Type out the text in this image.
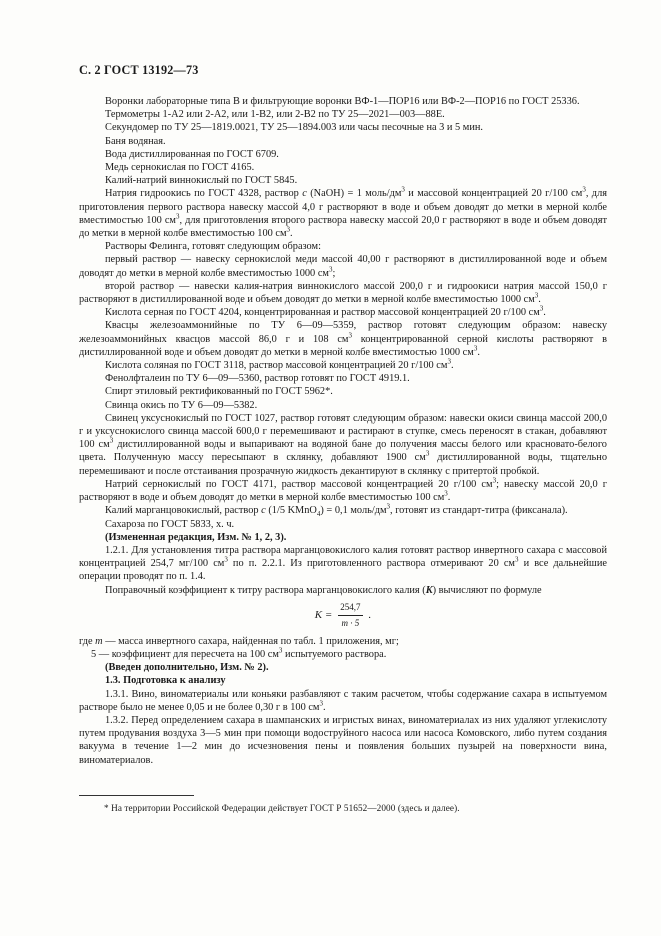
С. 2 ГОСТ 13192—73

Воронки лабораторные типа В и фильтрующие воронки ВФ-1—ПОР16 или ВФ-2—ПОР16 по ГОСТ 25336.

Термометры 1-А2 или 2-А2, или 1-В2, или 2-В2 по ТУ 25—2021—003—88Е.

Секундомер по ТУ 25—1819.0021, ТУ 25—1894.003 или часы песочные на 3 и 5 мин.

Баня водяная.

Вода дистиллированная по ГОСТ 6709.

Медь сернокислая по ГОСТ 4165.

Калий-натрий виннокислый по ГОСТ 5845.

Натрия гидроокись по ГОСТ 4328, раствор c (NaOH) = 1 моль/$дм^3$ и массовой концентрацией 20 г/100 $см^3$, для приготовления первого раствора навеску массой 4,0 г растворяют в воде и объем доводят до метки в мерной колбе вместимостью 100 $см^3$, для приготовления второго раствора навеску массой 20,0 г растворяют в воде и объем доводят до метки в мерной колбе вместимостью 100 $см^3$.

Растворы Фелинга, готовят следующим образом:

первый раствор — навеску сернокислой меди массой 40,00 г растворяют в дистиллированной воде и объем доводят до метки в мерной колбе вместимостью 1000 $см^3$;

второй раствор — навески калия-натрия виннокислого массой 200,0 г и гидроокиси натрия массой 150,0 г растворяют в дистиллированной воде и объем доводят до метки в мерной колбе вместимостью 1000 $см^3$.

Кислота серная по ГОСТ 4204, концентрированная и раствор массовой концентрацией 20 г/100 $см^3$.

Квасцы железоаммонийные по ТУ 6—09—5359, раствор готовят следующим образом: навеску железоаммонийных квасцов массой 86,0 г и 108 $см^3$ концентрированной серной кислоты растворяют в дистиллированной воде и объем доводят до метки в мерной колбе вместимостью 1000 $см^3$.

Кислота соляная по ГОСТ 3118, раствор массовой концентрацией 20 г/100 $см^3$.

Фенолфталеин по ТУ 6—09—5360, раствор готовят по ГОСТ 4919.1.

Спирт этиловый ректификованный по ГОСТ 5962*.

Свинца окись по ТУ 6—09—5382.

Свинец уксуснокислый по ГОСТ 1027, раствор готовят следующим образом: навески окиси свинца массой 200,0 г и уксуснокислого свинца массой 600,0 г перемешивают и растирают в ступке, смесь переносят в стакан, добавляют 100 $см^3$ дистиллированной воды и выпаривают на водяной бане до получения массы белого или красновато-белого цвета. Полученную массу пересыпают в склянку, добавляют 1900 $см^3$ дистиллированной воды, тщательно перемешивают и после отстаивания прозрачную жидкость декантируют в склянку с притертой пробкой.

Натрий сернокислый по ГОСТ 4171, раствор массовой концентрацией 20 г/100 $см^3$; навеску массой 20,0 г растворяют в воде и объем доводят до метки в мерной колбе вместимостью 100 $см^3$.

Калий марганцовокислый, раствор c (1/5 KMnO$_4$) = 0,1 моль/$дм^3$, готовят из стандарт-титра (фиксанала).

Сахароза по ГОСТ 5833, х. ч.

(Измененная редакция, Изм. № 1, 2, 3).

1.2.1. Для установления титра раствора марганцовокислого калия готовят раствор инвертного сахара с массовой концентрацией 254,7 мг/100 $см^3$ по п. 2.2.1. Из приготовленного раствора отмеривают 20 $см^3$ и все дальнейшие операции проводят по п. 1.4.

Поправочный коэффициент к титру раствора марганцовокислого калия (K) вычисляют по формуле

$K = \frac{254,7}{m \cdot 5}$ .

где m — масса инвертного сахара, найденная по табл. 1 приложения, мг;

5 — коэффициент для пересчета на 100 $см^3$ испытуемого раствора.

(Введен дополнительно, Изм. № 2).

1.3. Подготовка к анализу

1.3.1. Вино, виноматериалы или коньяки разбавляют с таким расчетом, чтобы содержание сахара в испытуемом растворе было не менее 0,05 и не более 0,30 г в 100 $см^3$.

1.3.2. Перед определением сахара в шампанских и игристых винах, виноматериалах из них удаляют углекислоту путем продувания воздуха 3—5 мин при помощи водоструйного насоса или насоса Комовского, либо путем создания вакуума в течение 1—2 мин до исчезновения пены и появления больших пузырей на поверхности вина, виноматериалов.

* На территории Российской Федерации действует ГОСТ Р 51652—2000 (здесь и далее).
